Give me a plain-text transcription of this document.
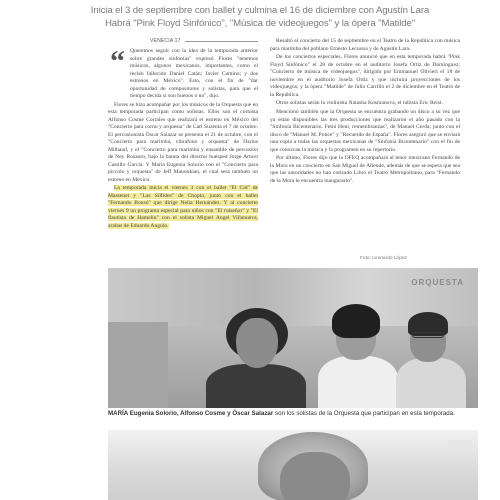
Inicia el 3 de septiembre con ballet y culmina el 16 de diciembre con Agustín Lara
Habrá "Pink Floyd Sinfónico", "Música de videojuegos" y la ópera "Matilde"
VENECIA 17
“ Queremos seguir con la idea de la temporada anterior sobre grandes sinfonías" expresó Flores "tenemos músicos, algunos mexicanos, importantes, como el recién fallecido Daniel Catán; Javier Camino; y dos estrenos en México". Esto, con el fin de "dar oportunidad de compositores y solistas, para que el tiempo decida si son buenos o no", dijo.

Flores se hizo acompañar por los músicos de la Orquesta que en esta temporada participan como solistas. Ellos son el cornista Alfonso Cosme Corrales que realizará el estreno en México del "Concierto para corno y orquesta" de Carl Suzenta el 7 de octubre. El percusionista Óscar Salazar se presenta el 21 de octubre, con el "Concierto para marimba, vibráfono y orquesta" de Darius Milhaud, y el "Concierto para marimba y ensamble de percusión de Ney Rosauro, bajo la batuta del director huésped Jorge Arturo Castillo García. Y María Eugenia Solorio con el "Concierto para piccolo y orquesta" de Jeff Manookian, el cual será también un estreno en México.

La temporada inicia el viernes 3 con el ballet "El Cid" de Massenet y "Las Sílfides" de Chopin, junto con el ballet "Fernando Bonsó" que dirige Nelia Hernández. Y al concierto viernes 9 un programa especial para niños con "El ruiseñor" y "El flautista de Hamelín" con el solista Miguel Angel Villanueva, arabas de Eduardo Angulo.

Resaltó el concierto del 15 de septiembre en el Teatro de la República con música para marimba del poblano Ernesto Lecuona y de Agustín Lara.

De los conciertos especiales, Flores anunció que en esta temporada habrá "Pink Floyd Sinfónico" el 28 de octubre en el auditorio Josefa Ortiz de Domínguez; "Concierto de música de videojuegos", dirigido por Emmanuel Olivieri el 18 de noviembre en el auditorio Josefa Ortiz y que incluirá proyecciones de los videojuegos; y la ópera "Matilde" de Julio Carrillo el 2 de diciembre en el Teatro de la República.

Otros solistas serán la violinista Natasha Kosmanova, el tubista Eric Reist.

Mencionó también que la Orquesta se encuentra grabando un disco a su vez que ya están disponibles las tres producciones que realizaron el año pasado con la "Sinfonía Bicentenario. Fetiú Hení, remembranzas", de Manuel Cerda; junto con el disco de "Manuel M. Ponce" y "Recuerdo de España". Flores aseguró que se enviará una copia a todas las orquestas mexicanas de "Sinfonía Bicentenario" con el fin de que conozcan la música y la programen en su repertorio.

Por último, Flores dijo que la OFEQ acompañará al tenor mexicano Fernando de la Mora en un concierto en San Miguel de Allende, además de que se espera que sea que las autoridades no han cotizado Libro el Teatro Metropolitano, para "Fernando de la Mora le encuentra inaugurarlo".

Foto: Leonardo López
ORQUESTA
MARÍA Eugenia Solorio, Alfonso Cosme y Óscar Salazar son los solistas de la Orquesta que participan en esta temporada.
